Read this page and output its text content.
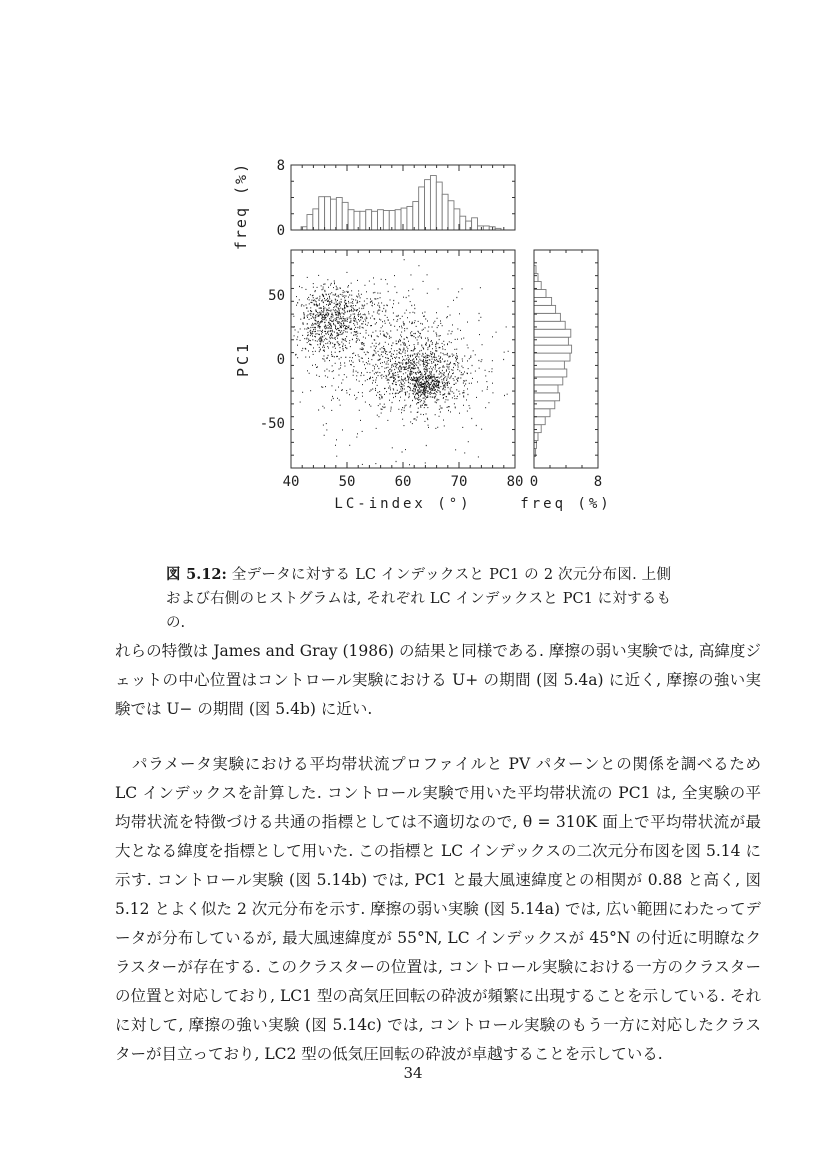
40	50	60	70	80
-50
0
50
0
8
0	8
LC-index (°)	freq (%)
PC1
freq (%)
図 5.12: 全データに対する LC インデックスと PC1 の 2 次元分布図. 上側および右側のヒストグラムは, それぞれ LC インデックスと PC1 に対するもの.

れらの特徴は James and Gray (1986) の結果と同様である. 摩擦の弱い実験では, 高緯度ジェットの中心位置はコントロール実験における U+ の期間 (図 5.4a) に近く, 摩擦の強い実験では U− の期間 (図 5.4b) に近い.

パラメータ実験における平均帯状流プロファイルと PV パターンとの関係を調べるため LC インデックスを計算した. コントロール実験で用いた平均帯状流の PC1 は, 全実験の平均帯状流を特徴づける共通の指標としては不適切なので, θ = 310K 面上で平均帯状流が最大となる緯度を指標として用いた. この指標と LC インデックスの二次元分布図を図 5.14 に示す. コントロール実験 (図 5.14b) では, PC1 と最大風速緯度との相関が 0.88 と高く, 図 5.12 とよく似た 2 次元分布を示す. 摩擦の弱い実験 (図 5.14a) では, 広い範囲にわたってデータが分布しているが, 最大風速緯度が 55°N, LC インデックスが 45°N の付近に明瞭なクラスターが存在する. このクラスターの位置は, コントロール実験における一方のクラスターの位置と対応しており, LC1 型の高気圧回転の砕波が頻繁に出現することを示している. それに対して, 摩擦の強い実験 (図 5.14c) では, コントロール実験のもう一方に対応したクラスターが目立っており, LC2 型の低気圧回転の砕波が卓越することを示している.

34
